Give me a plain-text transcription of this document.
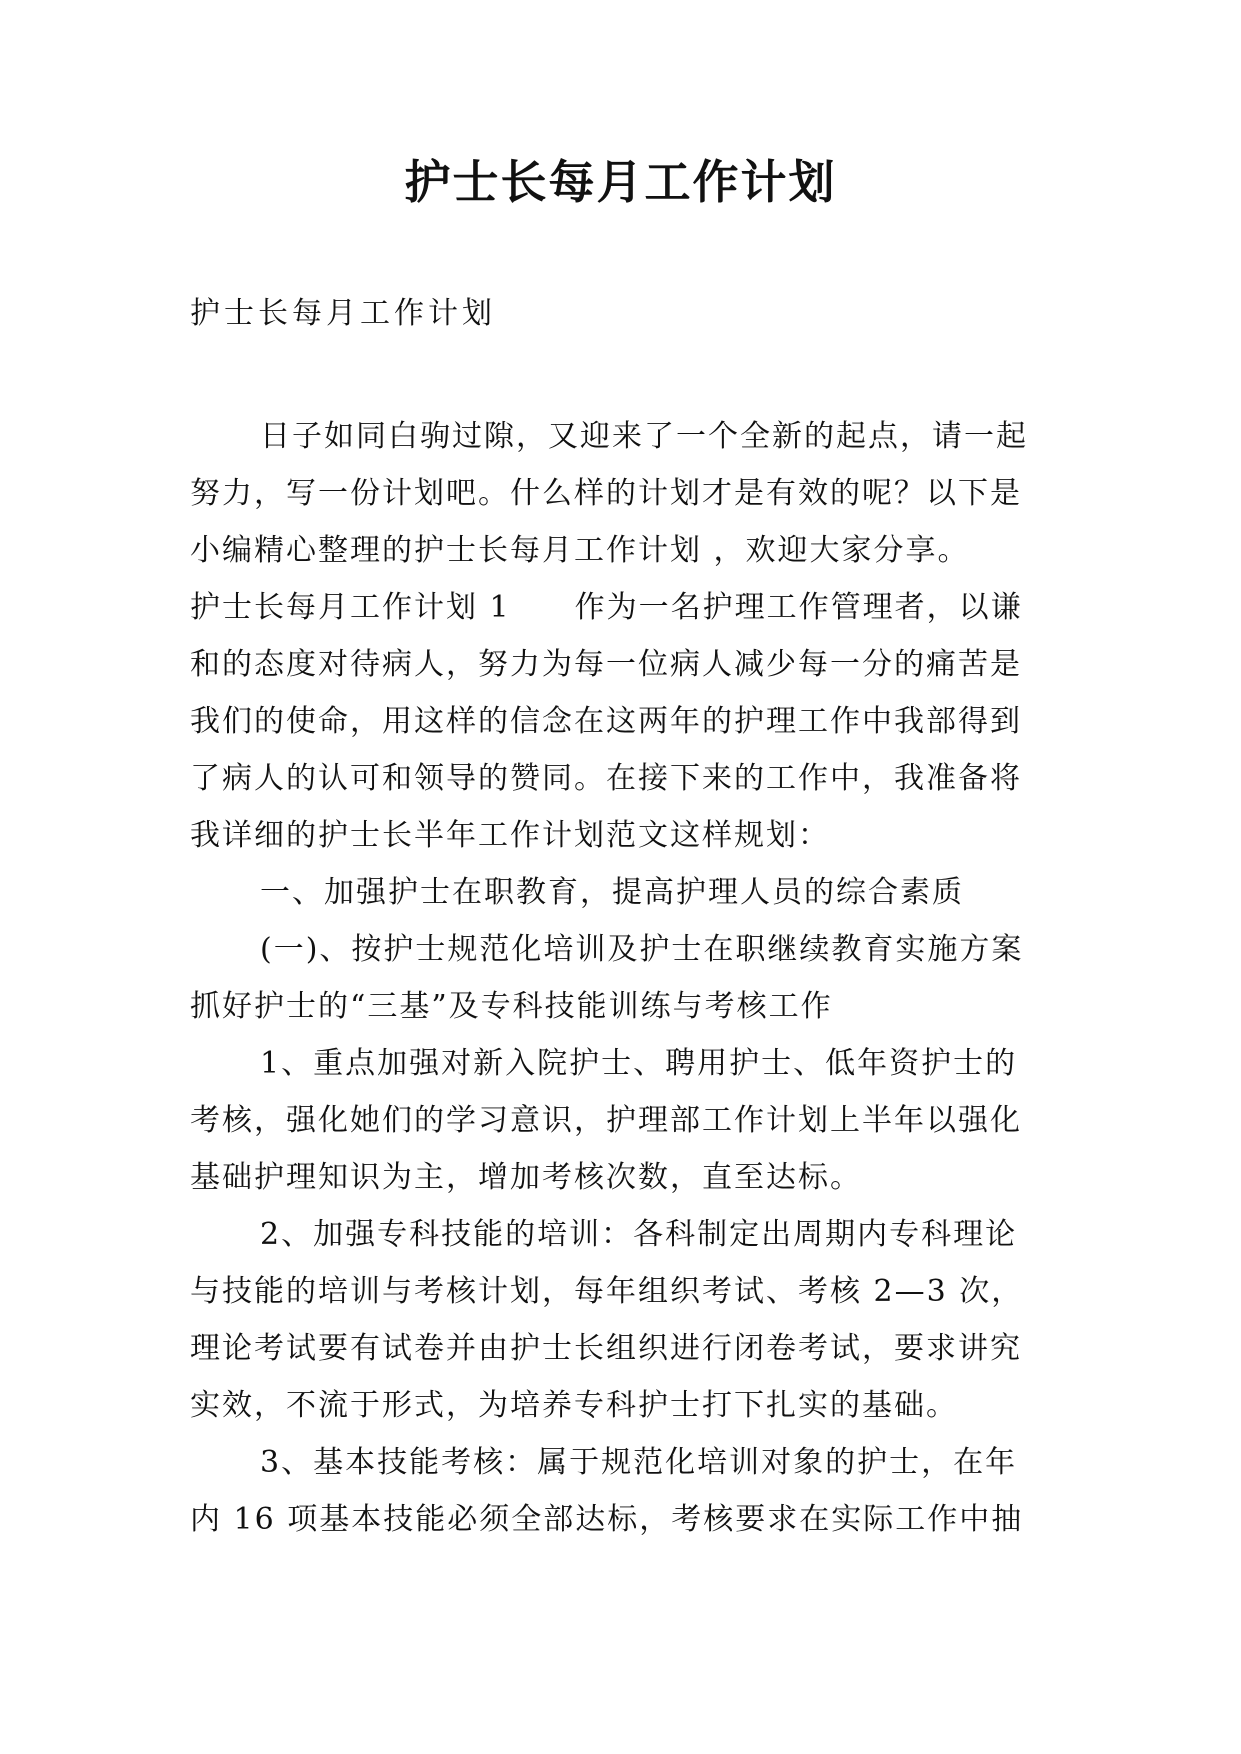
护士长每月工作计划

护士长每月工作计划

日子如同白驹过隙，又迎来了一个全新的起点，请一起
努力，写一份计划吧。什么样的计划才是有效的呢？以下是
小编精心整理的护士长每月工作计划 ，欢迎大家分享。
护士长每月工作计划 1　　作为一名护理工作管理者，以谦
和的态度对待病人，努力为每一位病人减少每一分的痛苦是
我们的使命，用这样的信念在这两年的护理工作中我部得到
了病人的认可和领导的赞同。在接下来的工作中，我准备将
我详细的护士长半年工作计划范文这样规划：
一、加强护士在职教育，提高护理人员的综合素质
(一)、按护士规范化培训及护士在职继续教育实施方案
抓好护士的“三基”及专科技能训练与考核工作
1、重点加强对新入院护士、聘用护士、低年资护士的
考核，强化她们的学习意识，护理部工作计划上半年以强化
基础护理知识为主，增加考核次数，直至达标。
2、加强专科技能的培训：各科制定出周期内专科理论
与技能的培训与考核计划，每年组织考试、考核 2—3 次，
理论考试要有试卷并由护士长组织进行闭卷考试，要求讲究
实效，不流于形式，为培养专科护士打下扎实的基础。
3、基本技能考核：属于规范化培训对象的护士，在年
内 16 项基本技能必须全部达标，考核要求在实际工作中抽
